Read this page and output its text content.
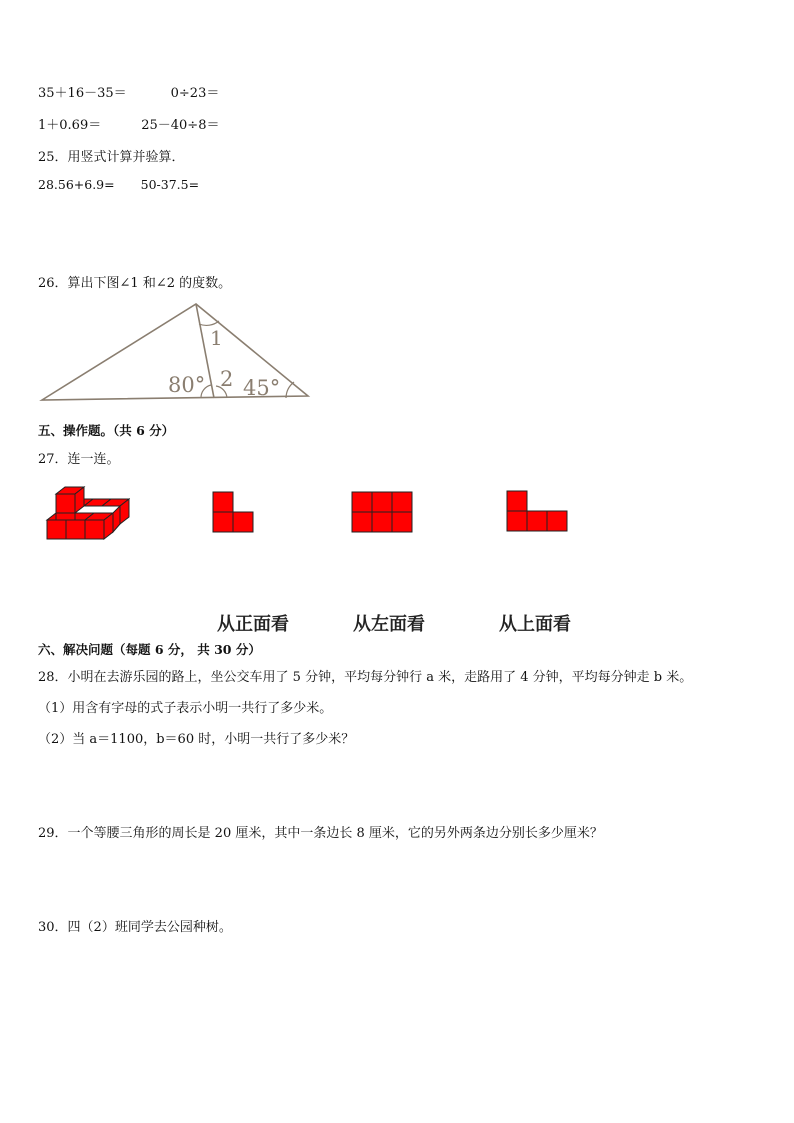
35＋16－35＝	0÷23＝
1＋0.69＝	25－40÷8＝
25．用竖式计算并验算．
28.56+6.9= 50-37.5=
26．算出下图∠1 和∠2 的度数。
80° 2 45°
1
五、操作题。（共 6 分）
27．连一连。
从正面看	从左面看	从上面看
六、解决问题（每题 6 分， 共 30 分）
28．小明在去游乐园的路上，坐公交车用了 5 分钟，平均每分钟行 a 米，走路用了 4 分钟，平均每分钟走 b 米。
（1）用含有字母的式子表示小明一共行了多少米。
（2）当 a＝1100，b＝60 时，小明一共行了多少米？
29．一个等腰三角形的周长是 20 厘米，其中一条边长 8 厘米，它的另外两条边分别长多少厘米？
30．四（2）班同学去公园种树。
